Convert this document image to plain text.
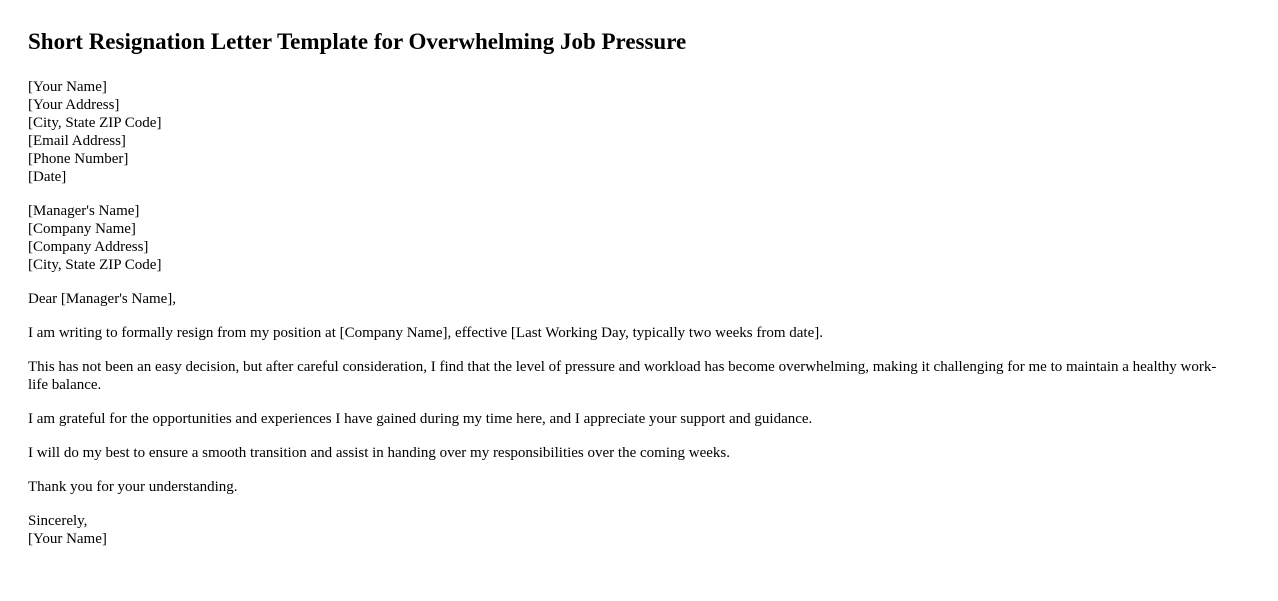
Short Resignation Letter Template for Overwhelming Job Pressure
[Your Name]
[Your Address]
[City, State ZIP Code]
[Email Address]
[Phone Number]
[Date]
[Manager's Name]
[Company Name]
[Company Address]
[City, State ZIP Code]

Dear [Manager's Name],

I am writing to formally resign from my position at [Company Name], effective [Last Working Day, typically two weeks from date].

This has not been an easy decision, but after careful consideration, I find that the level of pressure and workload has become overwhelming, making it challenging for me to maintain a healthy work-life balance.

I am grateful for the opportunities and experiences I have gained during my time here, and I appreciate your support and guidance.

I will do my best to ensure a smooth transition and assist in handing over my responsibilities over the coming weeks.

Thank you for your understanding.

Sincerely,
[Your Name]
